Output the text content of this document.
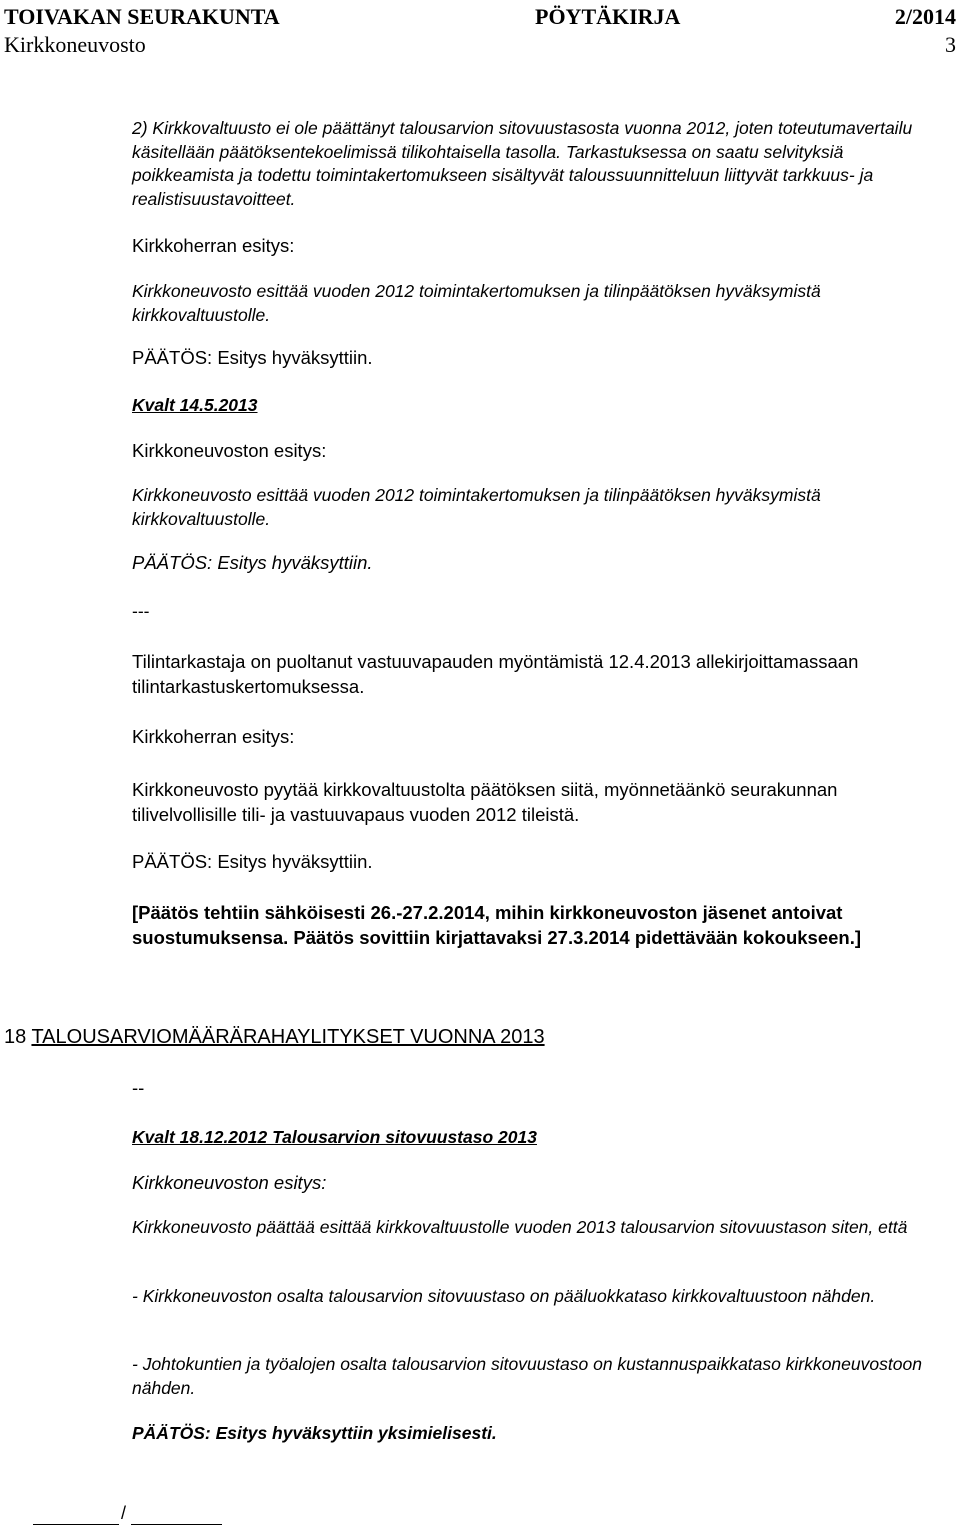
TOIVAKAN SEURAKUNTA	PÖYTÄKIRJA	2/2014
Kirkkoneuvosto	3

2) Kirkkovaltuusto ei ole päättänyt talousarvion sitovuustasosta vuonna 2012, joten toteutumavertailu käsitellään päätöksentekoelimissä tilikohtaisella tasolla. Tarkastuksessa on saatu selvityksiä poikkeamista ja todettu toimintakertomukseen sisältyvät taloussuunnitteluun liittyvät tarkkuus- ja realistisuustavoitteet.

Kirkkoherran esitys:

Kirkkoneuvosto esittää vuoden 2012 toimintakertomuksen ja tilinpäätöksen hyväksymistä kirkkovaltuustolle.

PÄÄTÖS: Esitys hyväksyttiin.

Kvalt 14.5.2013

Kirkkoneuvoston esitys:

Kirkkoneuvosto esittää vuoden 2012 toimintakertomuksen ja tilinpäätöksen hyväksymistä kirkkovaltuustolle.

PÄÄTÖS: Esitys hyväksyttiin.

---

Tilintarkastaja on puoltanut vastuuvapauden myöntämistä 12.4.2013 allekirjoittamassaan tilintarkastuskertomuksessa.

Kirkkoherran esitys:

Kirkkoneuvosto pyytää kirkkovaltuustolta päätöksen siitä, myönnetäänkö seurakunnan tilivelvollisille tili- ja vastuuvapaus vuoden 2012 tileistä.

PÄÄTÖS: Esitys hyväksyttiin.

[Päätös tehtiin sähköisesti 26.-27.2.2014, mihin kirkkoneuvoston jäsenet antoivat suostumuksensa. Päätös sovittiin kirjattavaksi 27.3.2014 pidettävään kokoukseen.]

18 TALOUSARVIOMÄÄRÄRAHAYLITYKSET VUONNA 2013

--

Kvalt 18.12.2012 Talousarvion sitovuustaso 2013

Kirkkoneuvoston esitys:

Kirkkoneuvosto päättää esittää kirkkovaltuustolle vuoden 2013 talousarvion sitovuustason siten, että

- Kirkkoneuvoston osalta talousarvion sitovuustaso on pääluokkataso kirkkovaltuustoon nähden.

- Johtokuntien ja työalojen osalta talousarvion sitovuustaso on kustannuspaikkataso kirkkoneuvostoon nähden.

PÄÄTÖS: Esitys hyväksyttiin yksimielisesti.

/
